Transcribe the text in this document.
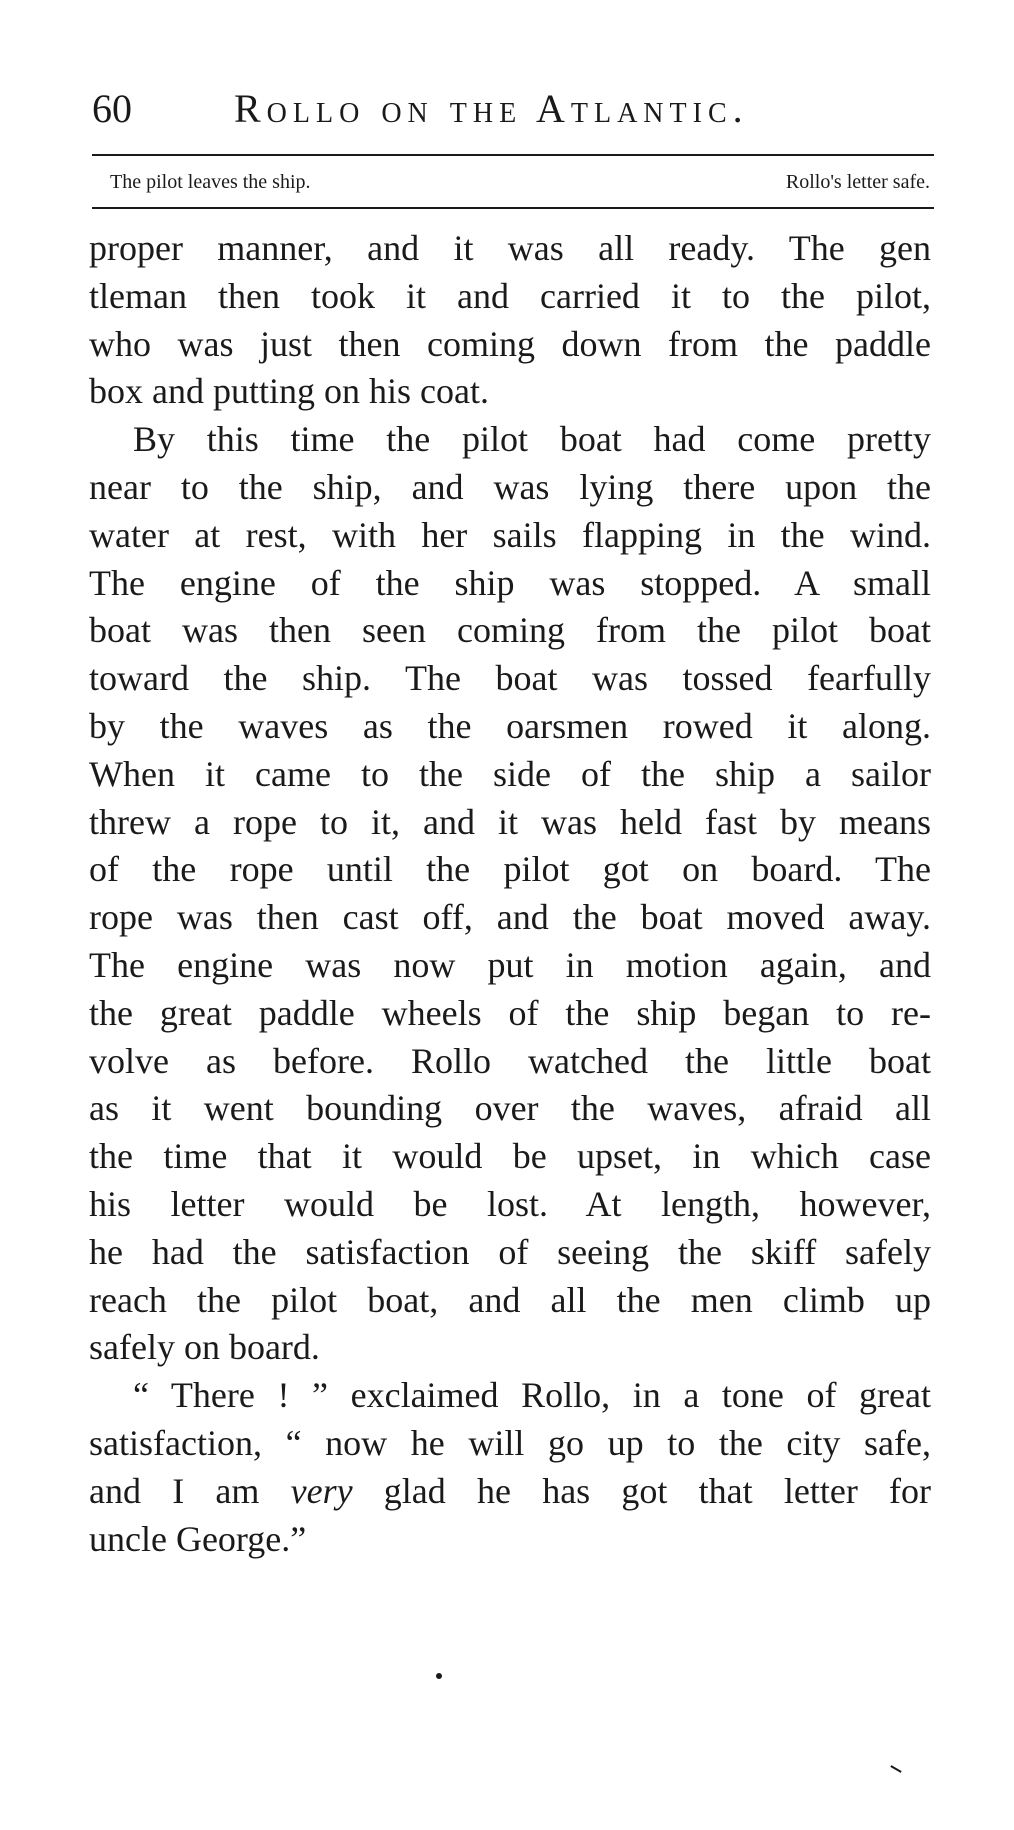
60	Rollo on the Atlantic.
The pilot leaves the ship.	Rollo's letter safe.
proper manner, and it was all ready. The gen
tleman then took it and carried it to the pilot,
who was just then coming down from the paddle
box and putting on his coat.
By this time the pilot boat had come pretty
near to the ship, and was lying there upon the
water at rest, with her sails flapping in the wind.
The engine of the ship was stopped. A small
boat was then seen coming from the pilot boat
toward the ship. The boat was tossed fearfully
by the waves as the oarsmen rowed it along.
When it came to the side of the ship a sailor
threw a rope to it, and it was held fast by means
of the rope until the pilot got on board. The
rope was then cast off, and the boat moved away.
The engine was now put in motion again, and
the great paddle wheels of the ship began to re-
volve as before. Rollo watched the little boat
as it went bounding over the waves, afraid all
the time that it would be upset, in which case
his letter would be lost. At length, however,
he had the satisfaction of seeing the skiff safely
reach the pilot boat, and all the men climb up
safely on board.
“ There ! ” exclaimed Rollo, in a tone of great
satisfaction, “ now he will go up to the city safe,
and I am very glad he has got that letter for
uncle George.”
